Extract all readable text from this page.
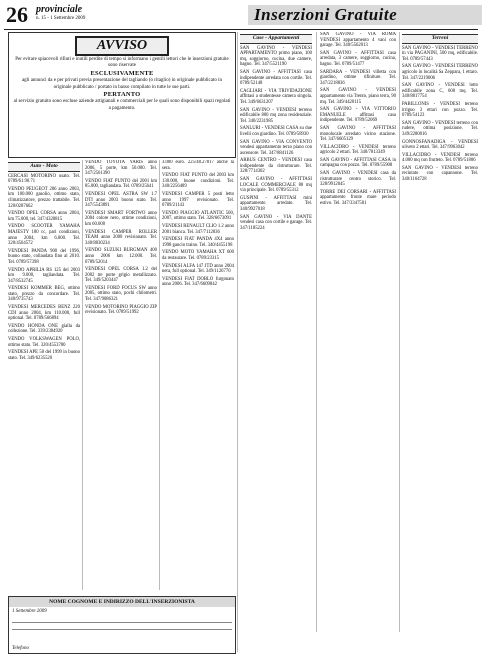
26 provinciale
n. 15 - 1 Settembre 2009	Inserzioni Gratuite
AVVISO

Per evitare spiacevoli rifiuti e inutili perdite di tempo si informano i gentili lettori che le inserzioni gratuite sono riservate

ESCLUSIVAMENTE

agli annunci da e per privati previa presentazione del tagliando (o ritaglio) in originale pubblicato in originale pubblicato / portato in basso compilato in tutte le sue parti.

PERTANTO

al servizio gratuito sono escluse aziende artigianali e commerciali per le quali sono disponibili spazi regolati a pagamento.

Auto - Moto

CERCASI MOTORINO usato. Tel. 0789/61.90.71

VENDO PEUGEOT 206 anno 2003, km 100.000 gasolio, ottimo stato, climatizzatore, prezzo trattabile. Tel. 320/0287662

VENDO OPEL CORSA anno 2004, km 75.000, tel. 347/4320815

VENDO SCOOTER YAMAHA MAJESTY 180 cc, pari condizioni, anno 2004, km 6.000. Tel. 320/4564572

VENDESI PANDA 900 del 1996, buono stato, collaudata fino al 2010. Tel. 0789/57398

VENDO APRILIA RS 125 del 2003 km 9.000, tagliandata. Tel. 347/8532745

VENDESI KOMMER BEG, ottimo stato, prezzo da concordare. Tel. 340/9735743

VENDESI MERCEDES BENZ 220 CDI anno 2004, km 110.000, full optional. Tel. 0789/566894

VENDO HONDA ONE gialla da collezione. Tel. 339/2384920

VENDO VOLKSWAGEN POLO, ottimo stato. Tel. 320/4553780

VENDESI APE 50 del 1999 in buono stato. Tel. 349/6235520

VENDO TOYOTA YARIS anno 2006, 5 porte, km 50.000. Tel. 347/2561390

VENDO FIAT PUNTO del 2001 km 85.000, tagliandata. Tel. 0789/25641

VENDESI OPEL ASTRA SW 1.7 DTI anno 2003 buono stato. Tel. 347/5543891

VENDESI SMART FORTWO anno 2004 colore nero, ottime condizioni, km 60.000

VENDESI CAMPER ROLLER TEAM anno 2000 revisionato. Tel. 340/8830234

VENDO SUZUKI BURGMAN 400 anno 2006 km 12.000. Tel. 0789/52014

VENDESI OPEL CORSA 1.2 del 2002 tre porte grigio metallizzato. Tel. 349/5203447

VENDESI FORD FOCUS SW anno 2005, ottimo stato, pochi chilometri. Tel. 347/9086321

VENDO MOTORINO PIAGGIO ZIP revisionato. Tel. 0789/51992

3.000 euro. 225/48.27817 anche la sera.

VENDO FIAT PUNTO del 2003 km 130.000, buone condizioni. Tel. 340/2256489

VENDESI CAMPER 5 posti letto anno 1997 revisionato. Tel. 0789/21143

VENDO PIAGGIO ATLANTIC 500, 2007, ottimo stato. Tel. 328/6673091

VENDESI RENAULT CLIO 1.2 anno 2001 bianca. Tel. 347/7112836

VENDESI FIAT PANDA 4X4 anno 1998 gancio traino. Tel. 340/4455198

VENDO MOTO YAMAHA XT 600 da restaurare. Tel. 0789/23315

VENDESI ALFA 147 JTD anno 2004 nera, full optional. Tel. 349/1126770

VENDESI FIAT DOBLO furgonato anno 2006. Tel. 347/6609842

Case - Appartamenti

SAN GAVINO - VENDESI APPARTAMENTO primo piano, 100 mq, soggiorno, cucina, due camere, bagno. Tel. 347/5521190

SAN GAVINO - AFFITTASI casa indipendente arredata con cortile. Tel. 0789/52148

CAGLIARI - VIA TRIVIDAZIONE affittasi a studentesse camera singola. Tel. 349/6631207

SAN GAVINO - VENDESI terreno edificabile 800 mq zona residenziale. Tel. 340/2231985

SANLURI - VENDESI CASA su due livelli con giardino. Tel. 0789/58930

SAN GAVINO - VIA CONVENTO vendesi appartamento terzo piano con ascensore. Tel. 347/8841126

ARBUS CENTRO - VENDESI casa indipendente da ristrutturare. Tel. 328/7714302

SAN GAVINO - AFFITTASI LOCALE COMMERCIALE 80 mq via principale. Tel. 0789/55312

GUSPINI - AFFITTASI mini appartamento arredato. Tel. 340/9927018

SAN GAVINO - VIA DANTE vendesi casa con cortile e garage. Tel. 347/1185224

SAN GAVINO - VIA ROMA VENDESI appartamento 4 vani con garage. Tel. 340/5562013

SAN GAVINO - AFFITTASI casa arredata, 3 camere, soggiorno, cucina, bagno. Tel. 0789/51477

SARDARA - VENDESI villetta con giardino, ottime rifiniture. Tel. 347/2218836

SAN GAVINO - VENDESI appartamento via Trento, piano terra, 90 mq. Tel. 349/4420115

SAN GAVINO - VIA VITTORIO EMANUELE affittasi casa indipendente. Tel. 0789/52069

SAN GAVINO - AFFITTASI monolocale arredato vicino stazione. Tel. 347/6605129

VILLACIDRO - VENDESI terreno agricolo 2 ettari. Tel. 340/7813349

SAN GAVINO - AFFITTASI CASA in campagna con pozzo. Tel. 0789/55908

SAN GAVINO - VENDESI casa da ristrutturare centro storico. Tel. 328/9912045

TORRE DEI CORSARI - AFFITTASI appartamento fronte mare periodo estivo. Tel. 347/3347581

Terreni

SAN GAVINO - VENDESI TERRENO in via PAGANINI, 500 mq, edificabile. Tel. 0789/57443

SAN GAVINO - VENDESI TERRENO agricolo in località Sa Zeppara, 1 ettaro. Tel. 347/2219006

SAN GAVINO - VENDESI lotto edificabile zona C, 600 mq. Tel. 340/8817754

PABILLONIS - VENDESI terreno irriguo 3 ettari con pozzo. Tel. 0789/54123

SAN GAVINO - VENDESI terreno con rudere, ottima posizione. Tel. 349/2280016

GONNOSFANADIGA - VENDESI uliveto 2 ettari. Tel. 347/9963042

VILLACIDRO - VENDESI terreno 4.000 mq con frutteto. Tel. 0789/51806

SAN GAVINO - VENDESI terreno recintato con capannone. Tel. 340/1164728

NOME COGNOME E INDIRIZZO DELL'INSERZIONISTA
1 Settembre 2009
Telefono
